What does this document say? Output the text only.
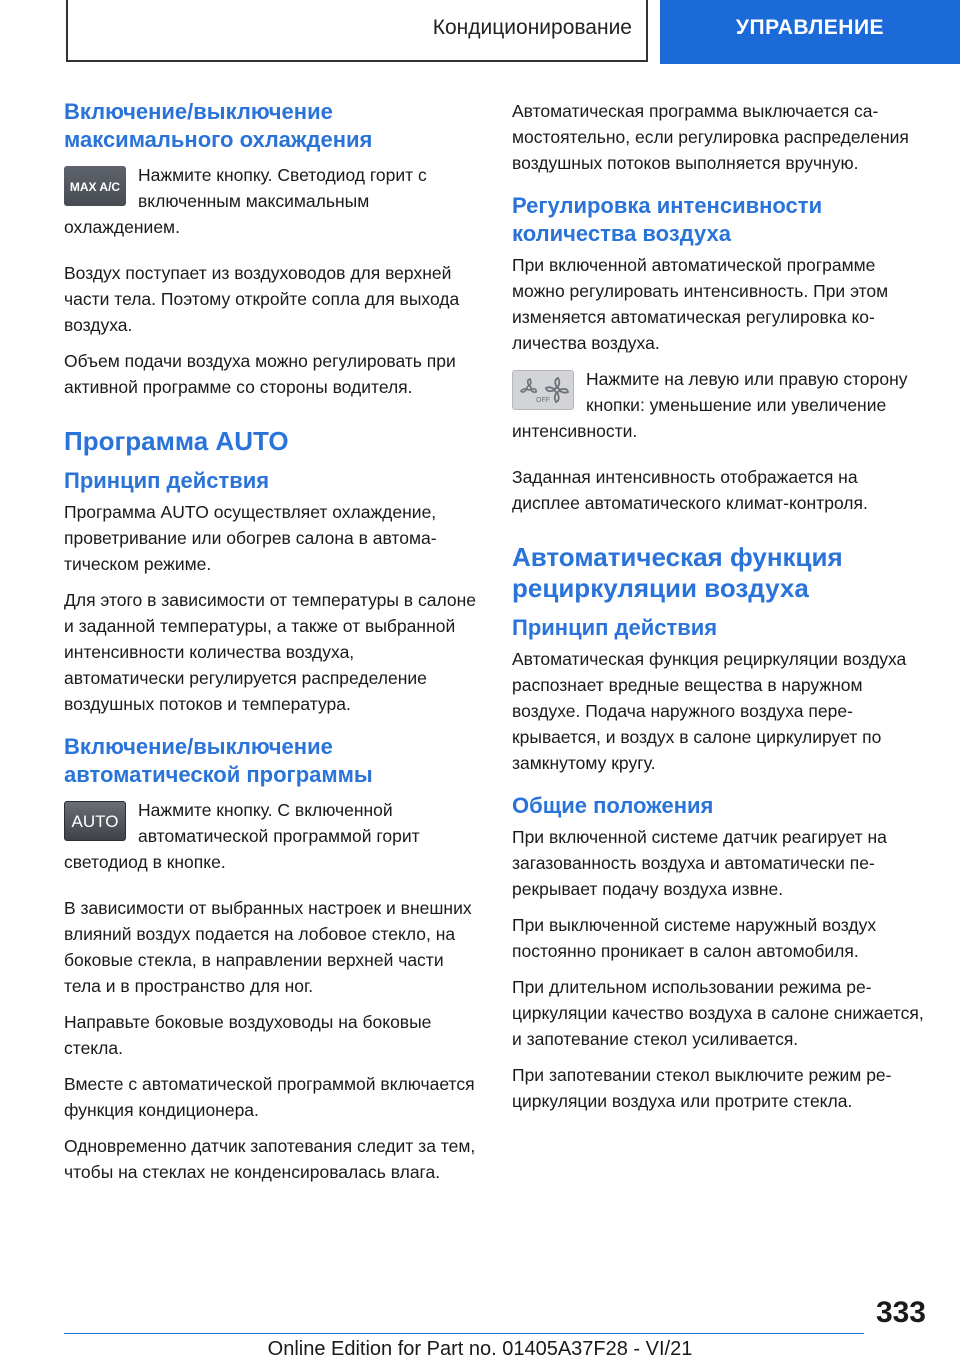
Кондиционирование	УПРАВЛЕНИЕ
Включение/выключение максимального охлаждения
MAX A/C

Нажмите кнопку. Светодиод горит с включенным максимальным охлаждением.

Воздух поступает из воздуховодов для верхней части тела. Поэтому откройте сопла для выхода воздуха.

Объем подачи воздуха можно регулировать при активной программе со стороны водителя.

Программа AUTO
Принцип действия

Программа AUTO осуществляет охлаждение, проветривание или обогрев салона в автоматическом режиме.

Для этого в зависимости от температуры в салоне и заданной температуры, а также от выбранной интенсивности количества воздуха, автоматически регулируется распределение воздушных потоков и температура.

Включение/выключение автоматической программы
AUTO

Нажмите кнопку. С включенной автоматической программой горит светодиод в кнопке.

В зависимости от выбранных настроек и внешних влияний воздух подается на лобовое стекло, на боковые стекла, в направлении верхней части тела и в пространство для ног.

Направьте боковые воздуховоды на боковые стекла.

Вместе с автоматической программой включается функция кондиционера.

Одновременно датчик запотевания следит за тем, чтобы на стеклах не конденсировалась влага.

Автоматическая программа выключается самостоятельно, если регулировка распределения воздушных потоков выполняется вручную.

Регулировка интенсивности количества воздуха

При включенной автоматической программе можно регулировать интенсивность. При этом изменяется автоматическая регулировка количества воздуха.

OFF

Нажмите на левую или правую сторону кнопки: уменьшение или увеличение интенсивности.

Заданная интенсивность отображается на дисплее автоматического климат-контроля.

Автоматическая функция рециркуляции воздуха
Принцип действия

Автоматическая функция рециркуляции воздуха распознает вредные вещества в наружном воздухе. Подача наружного воздуха перекрывается, и воздух в салоне циркулирует по замкнутому кругу.

Общие положения

При включенной системе датчик реагирует на загазованность воздуха и автоматически перекрывает подачу воздуха извне.

При выключенной системе наружный воздух постоянно проникает в салон автомобиля.

При длительном использовании режима рециркуляции качество воздуха в салоне снижается, и запотевание стекол усиливается.

При запотевании стекол выключите режим рециркуляции воздуха или протрите стекла.

333
Online Edition for Part no. 01405A37F28 - VI/21
